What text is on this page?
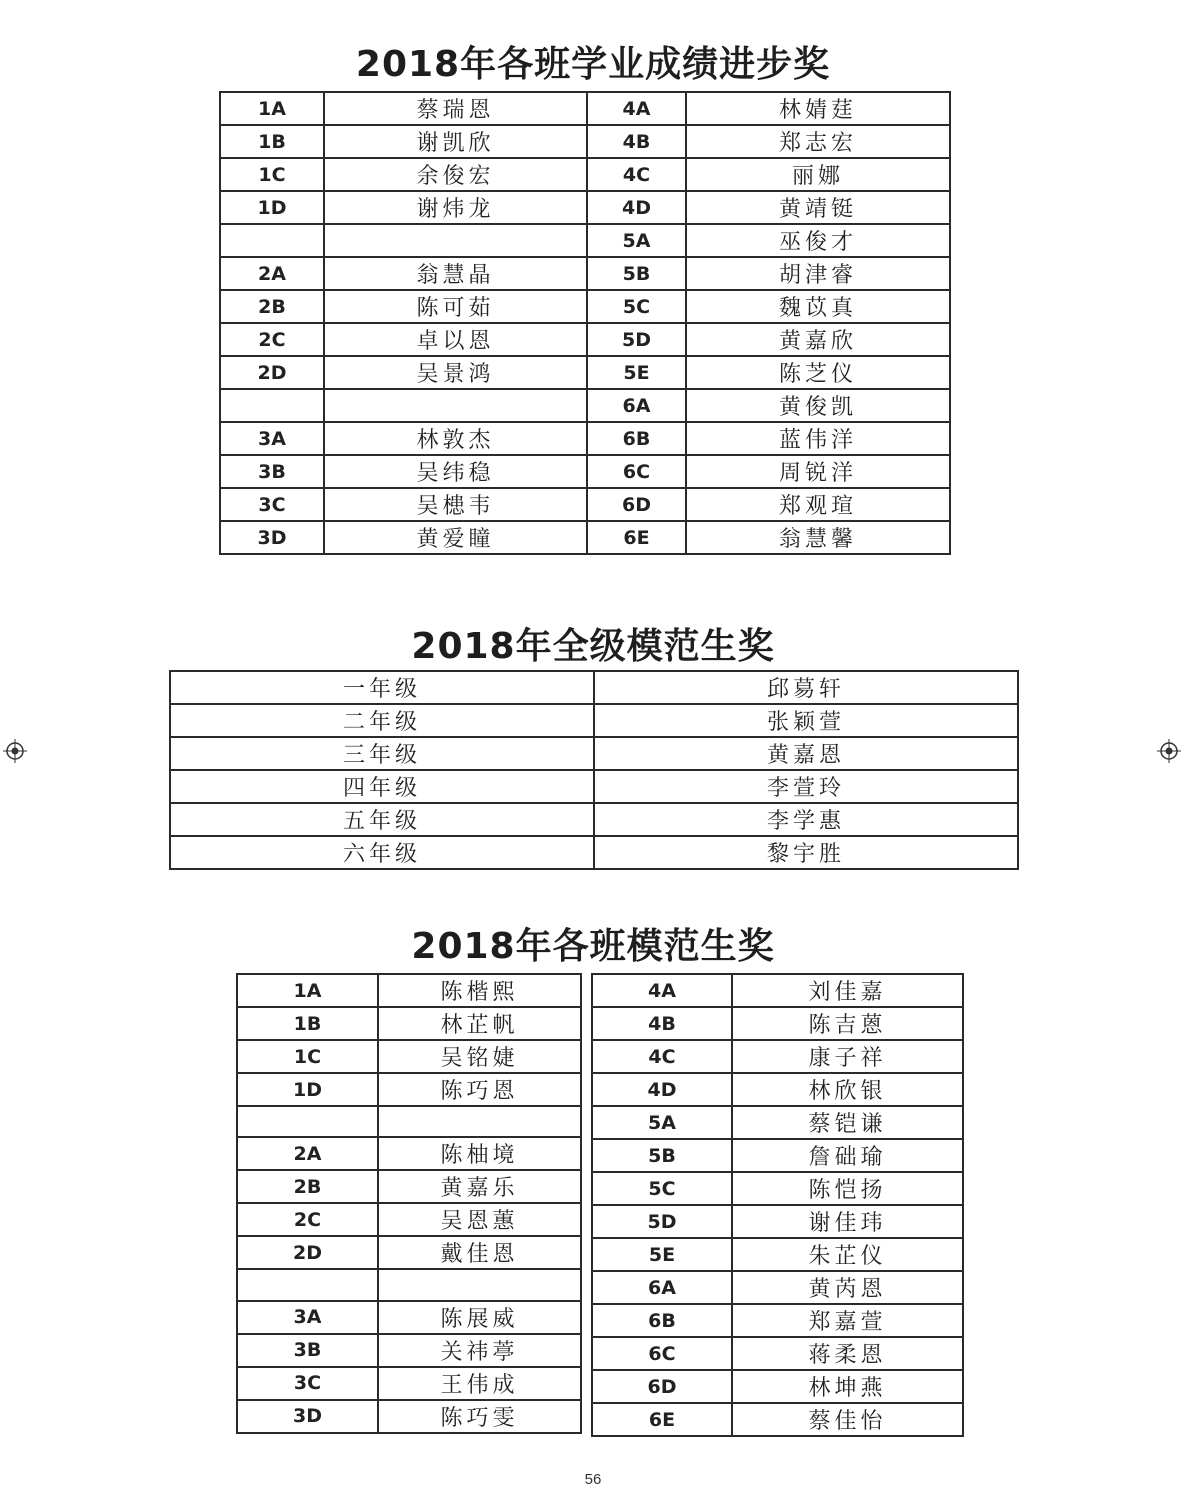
2018年各班学业成绩进步奖
1A	蔡瑞恩	4A	林婧莛
1B	谢凯欣	4B	郑志宏
1C	余俊宏	4C	丽娜
1D	谢炜龙	4D	黄靖铤
		5A	巫俊才
2A	翁慧晶	5B	胡津睿
2B	陈可茹	5C	魏苡真
2C	卓以恩	5D	黄嘉欣
2D	吴景鸿	5E	陈芝仪
		6A	黄俊凯
3A	林敦杰	6B	蓝伟洋
3B	吴纬稳	6C	周锐洋
3C	吴槵韦	6D	郑观瑄
3D	黄爱瞳	6E	翁慧馨
2018年全级模范生奖
一年级	邱䓪轩
二年级	张颖萱
三年级	黄嘉恩
四年级	李萱玲
五年级	李学惠
六年级	黎宇胜
2018年各班模范生奖
1A	陈楷熙
1B	林芷帆
1C	吴铭婕
1D	陈巧恩

2A	陈柚境
2B	黄嘉乐
2C	吴恩蕙
2D	戴佳恩

3A	陈展威
3B	关祎葶
3C	王伟成
3D	陈巧雯
4A	刘佳嘉
4B	陈吉蒽
4C	康子祥
4D	林欣银
5A	蔡铠谦
5B	詹础瑜
5C	陈恺扬
5D	谢佳玮
5E	朱芷仪
6A	黄芮恩
6B	郑嘉萱
6C	蒋柔恩
6D	林坤燕
6E	蔡佳怡
56
